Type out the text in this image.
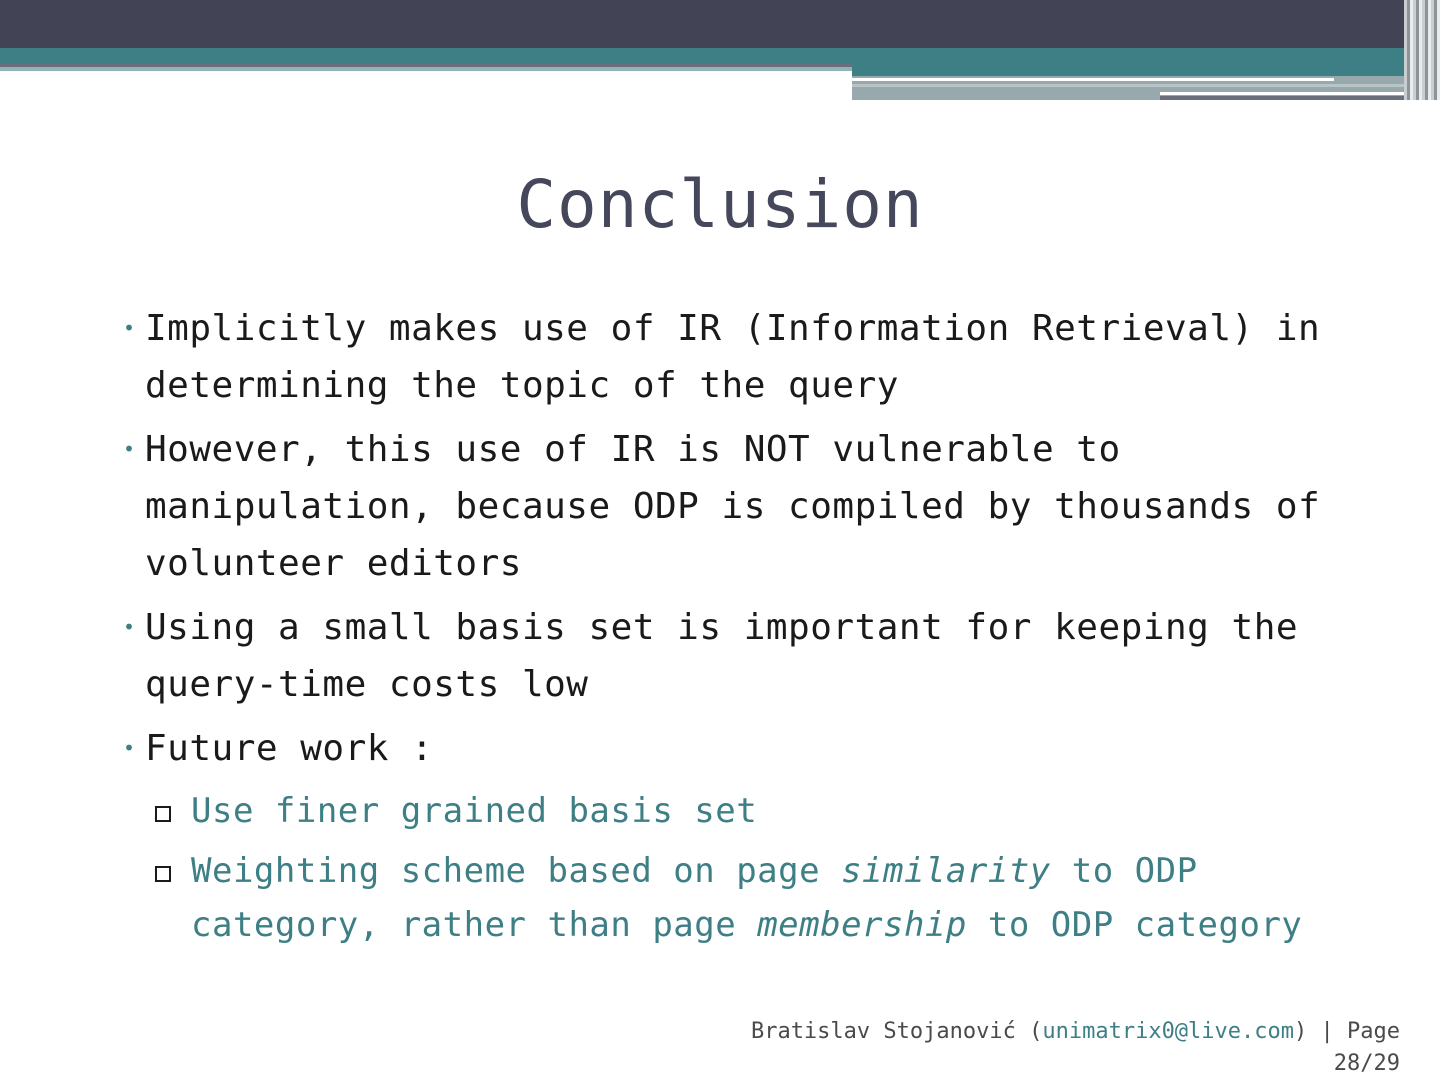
Conclusion
• Implicitly makes use of IR (Information Retrieval) in determining the topic of the query
• However, this use of IR is NOT vulnerable to manipulation, because ODP is compiled by thousands of volunteer editors
• Using a small basis set is important for keeping the query-time costs low
• Future work :
Use finer grained basis set
Weighting scheme based on page similarity to ODP category, rather than page membership to ODP category
Bratislav Stojanović (unimatrix0@live.com) | Page
28/29
